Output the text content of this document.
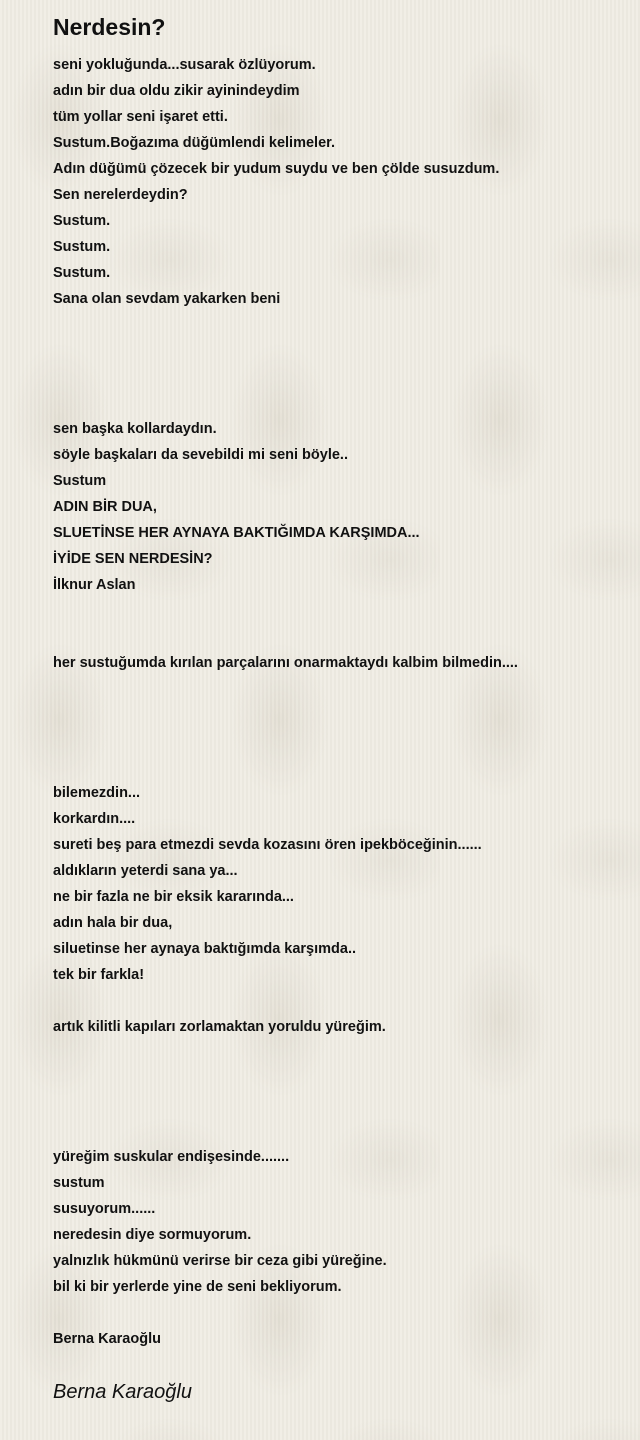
Nerdesin?
seni yokluğunda...susarak özlüyorum.
adın bir dua oldu zikir ayinindeydim
tüm yollar seni işaret etti.
Sustum.Boğazıma düğümlendi kelimeler.
Adın düğümü çözecek bir yudum suydu ve ben çölde susuzdum.
Sen nerelerdeydin?
Sustum.
Sustum.
Sustum.
Sana olan sevdam yakarken beni
sen başka kollardaydın.
söyle başkaları da sevebildi mi seni böyle..
Sustum
ADIN BİR DUA,
SLUETİNSE HER AYNAYA BAKTIĞIMDA KARŞIMDA...
İYİDE SEN NERDESİN?
İlknur Aslan
her sustuğumda kırılan parçalarını onarmaktaydı kalbim bilmedin....
bilemezdin...
korkardın....
sureti beş para etmezdi sevda kozasını ören ipekböceğinin......
aldıkların yeterdi sana ya...
ne bir fazla ne bir eksik kararında...
adın hala bir dua,
siluetinse her aynaya baktığımda karşımda..
tek bir farkla!
artık kilitli kapıları zorlamaktan yoruldu yüreğim.
yüreğim suskular endişesinde.......
sustum
susuyorum......
neredesin diye sormuyorum.
yalnızlık hükmünü verirse bir ceza gibi yüreğine.
bil ki bir yerlerde yine de seni bekliyorum.
Berna Karaoğlu
Berna Karaoğlu
